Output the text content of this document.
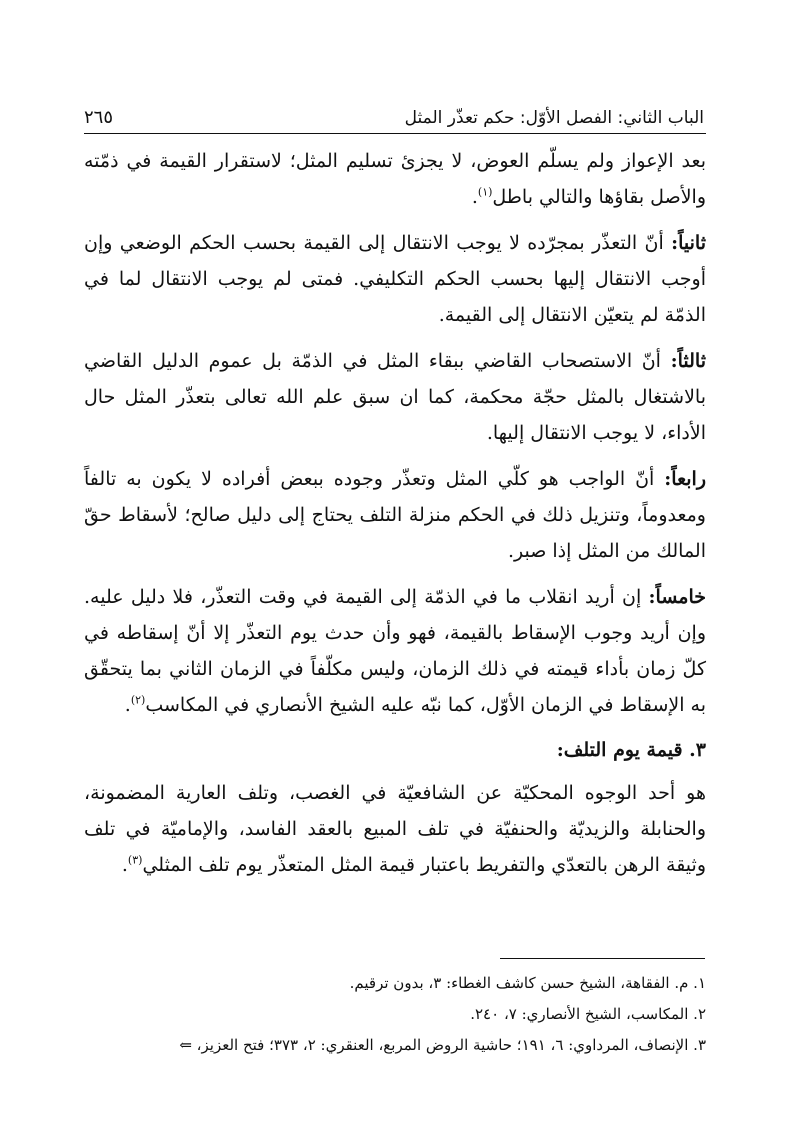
الباب الثاني: الفصل الأوّل: حكم تعذّر المثل
٢٦٥

بعد الإعواز ولم يسلّم العوض، لا يجزئ تسليم المثل؛ لاستقرار القيمة في ذمّته والأصل بقاؤها والتالي باطل$^{(١)}$.

ثانياً: أنّ التعذّر بمجرّده لا يوجب الانتقال إلى القيمة بحسب الحكم الوضعي وإن أوجب الانتقال إليها بحسب الحكم التكليفي. فمتى لم يوجب الانتقال لما في الذمّة لم يتعيّن الانتقال إلى القيمة.

ثالثاً: أنّ الاستصحاب القاضي ببقاء المثل في الذمّة بل عموم الدليل القاضي بالاشتغال بالمثل حجّة محكمة، كما ان سبق علم الله تعالى بتعذّر المثل حال الأداء، لا يوجب الانتقال إليها.

رابعاً: أنّ الواجب هو كلّي المثل وتعذّر وجوده ببعض أفراده لا يكون به تالفاً ومعدوماً، وتنزيل ذلك في الحكم منزلة التلف يحتاج إلى دليل صالح؛ لأسقاط حقّ المالك من المثل إذا صبر.

خامساً: إن أريد انقلاب ما في الذمّة إلى القيمة في وقت التعذّر، فلا دليل عليه. وإن أريد وجوب الإسقاط بالقيمة، فهو وأن حدث يوم التعذّر إلا أنّ إسقاطه في كلّ زمان بأداء قيمته في ذلك الزمان، وليس مكلّفاً في الزمان الثاني بما يتحقّق به الإسقاط في الزمان الأوّل، كما نبّه عليه الشيخ الأنصاري في المكاسب$^{(٢)}$.

٣. قيمة يوم التلف:

هو أحد الوجوه المحكيّة عن الشافعيّة في الغصب، وتلف العارية المضمونة، والحنابلة والزيديّة والحنفيّة في تلف المبيع بالعقد الفاسد، والإماميّة في تلف وثيقة الرهن بالتعدّي والتفريط باعتبار قيمة المثل المتعذّر يوم تلف المثلي$^{(٣)}$.

١. م. الفقاهة، الشيخ حسن كاشف الغطاء: ٣، بدون ترقيم.

٢. المكاسب، الشيخ الأنصاري: ٧، ٢٤٠.

٣. الإنصاف، المرداوي: ٦، ١٩١؛ حاشية الروض المربع، العنقري: ٢، ٣٧٣؛ فتح العزيز، ⇐
